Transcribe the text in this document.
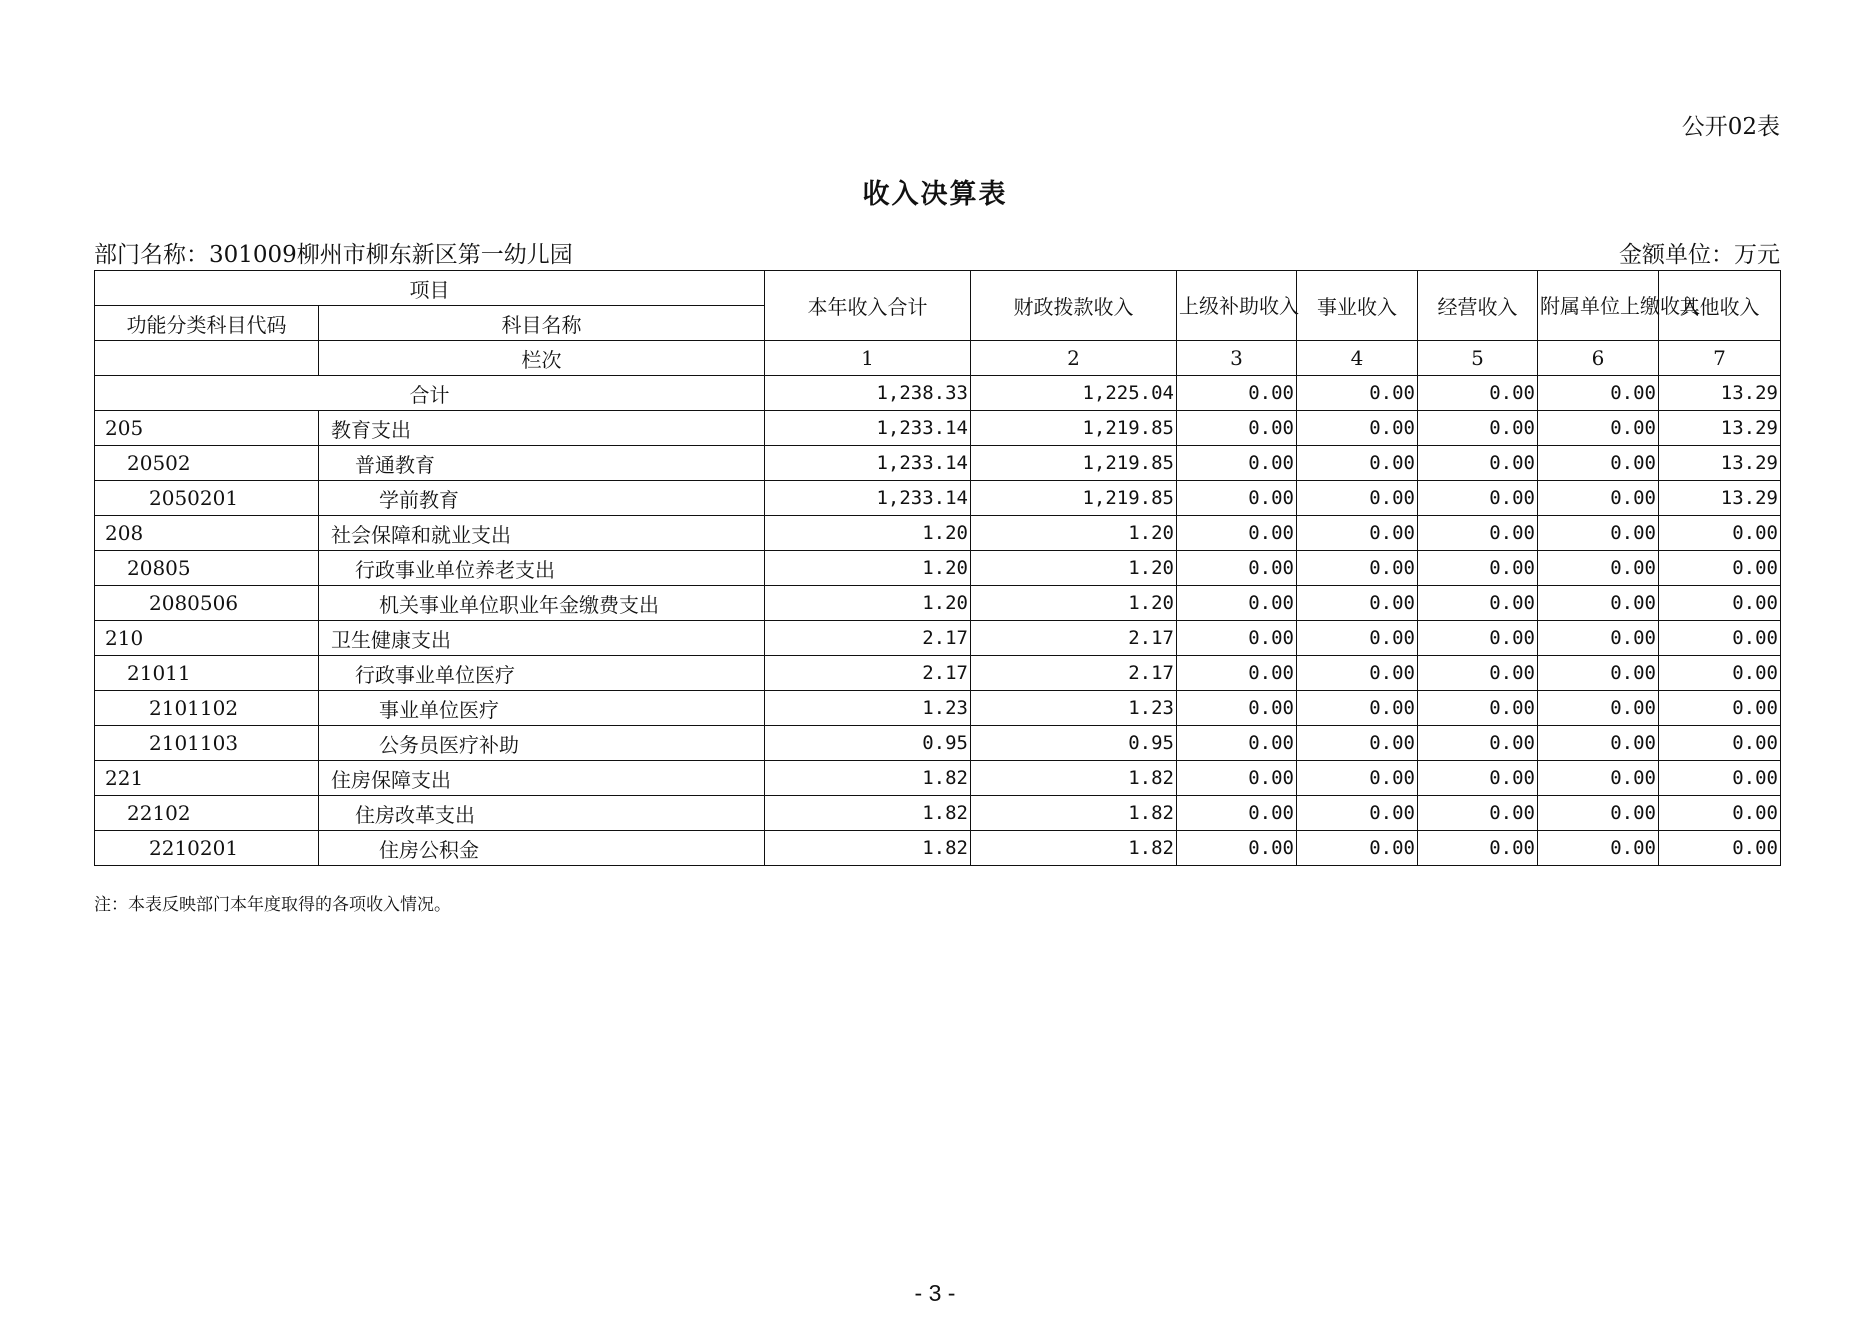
公开02表
收入决算表
部门名称：301009柳州市柳东新区第一幼儿园	金额单位：万元
项目		本年收入合计	财政拨款收入	上级补助收入	事业收入	经营收入	附属单位上缴收入	其他收入
功能分类科目代码	科目名称							
	栏次	1	2	3	4	5	6	7
合计		1,238.33	1,225.04	0.00	0.00	0.00	0.00	13.29
205	教育支出	1,233.14	1,219.85	0.00	0.00	0.00	0.00	13.29
20502	普通教育	1,233.14	1,219.85	0.00	0.00	0.00	0.00	13.29
2050201	学前教育	1,233.14	1,219.85	0.00	0.00	0.00	0.00	13.29
208	社会保障和就业支出	1.20	1.20	0.00	0.00	0.00	0.00	0.00
20805	行政事业单位养老支出	1.20	1.20	0.00	0.00	0.00	0.00	0.00
2080506	机关事业单位职业年金缴费支出	1.20	1.20	0.00	0.00	0.00	0.00	0.00
210	卫生健康支出	2.17	2.17	0.00	0.00	0.00	0.00	0.00
21011	行政事业单位医疗	2.17	2.17	0.00	0.00	0.00	0.00	0.00
2101102	事业单位医疗	1.23	1.23	0.00	0.00	0.00	0.00	0.00
2101103	公务员医疗补助	0.95	0.95	0.00	0.00	0.00	0.00	0.00
221	住房保障支出	1.82	1.82	0.00	0.00	0.00	0.00	0.00
22102	住房改革支出	1.82	1.82	0.00	0.00	0.00	0.00	0.00
2210201	住房公积金	1.82	1.82	0.00	0.00	0.00	0.00	0.00
注：本表反映部门本年度取得的各项收入情况。
- 3 -
